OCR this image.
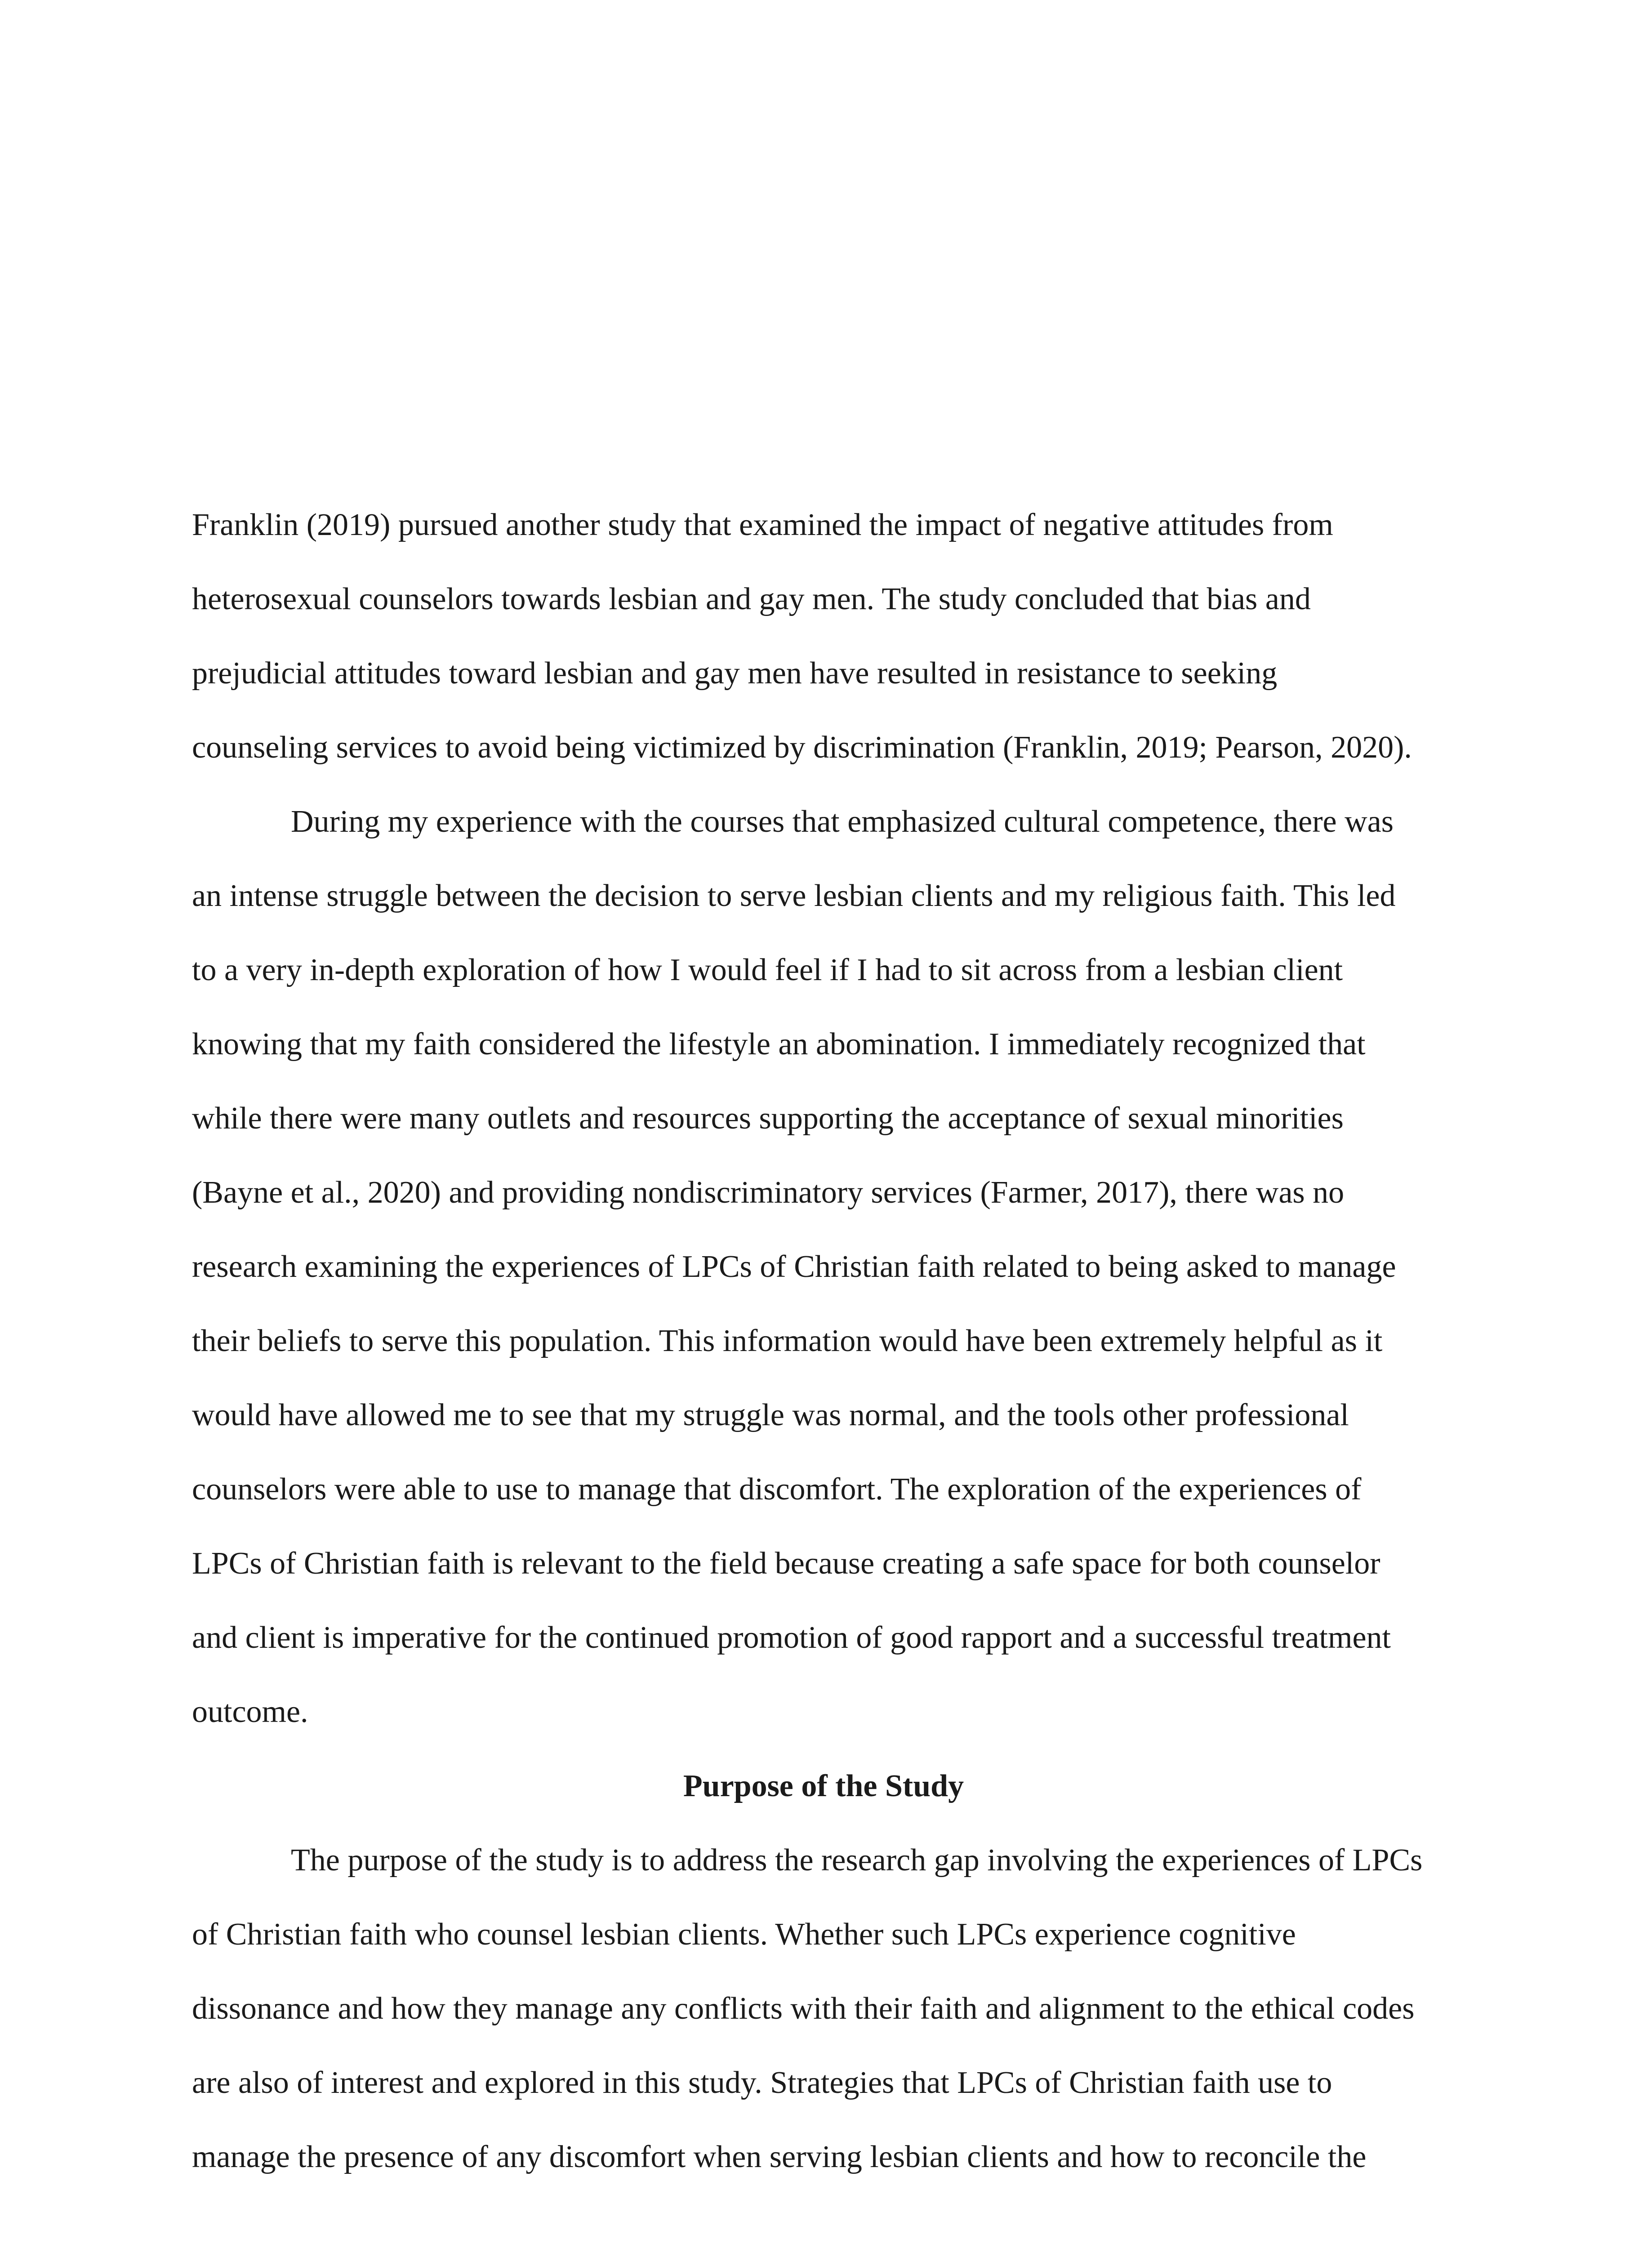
Franklin (2019) pursued another study that examined the impact of negative attitudes from
heterosexual counselors towards lesbian and gay men. The study concluded that bias and
prejudicial attitudes toward lesbian and gay men have resulted in resistance to seeking
counseling services to avoid being victimized by discrimination (Franklin, 2019; Pearson, 2020).

During my experience with the courses that emphasized cultural competence, there was
an intense struggle between the decision to serve lesbian clients and my religious faith. This led
to a very in-depth exploration of how I would feel if I had to sit across from a lesbian client
knowing that my faith considered the lifestyle an abomination. I immediately recognized that
while there were many outlets and resources supporting the acceptance of sexual minorities
(Bayne et al., 2020) and providing nondiscriminatory services (Farmer, 2017), there was no
research examining the experiences of LPCs of Christian faith related to being asked to manage
their beliefs to serve this population. This information would have been extremely helpful as it
would have allowed me to see that my struggle was normal, and the tools other professional
counselors were able to use to manage that discomfort. The exploration of the experiences of
LPCs of Christian faith is relevant to the field because creating a safe space for both counselor
and client is imperative for the continued promotion of good rapport and a successful treatment
outcome.

Purpose of the Study

The purpose of the study is to address the research gap involving the experiences of LPCs
of Christian faith who counsel lesbian clients. Whether such LPCs experience cognitive
dissonance and how they manage any conflicts with their faith and alignment to the ethical codes
are also of interest and explored in this study. Strategies that LPCs of Christian faith use to
manage the presence of any discomfort when serving lesbian clients and how to reconcile the
